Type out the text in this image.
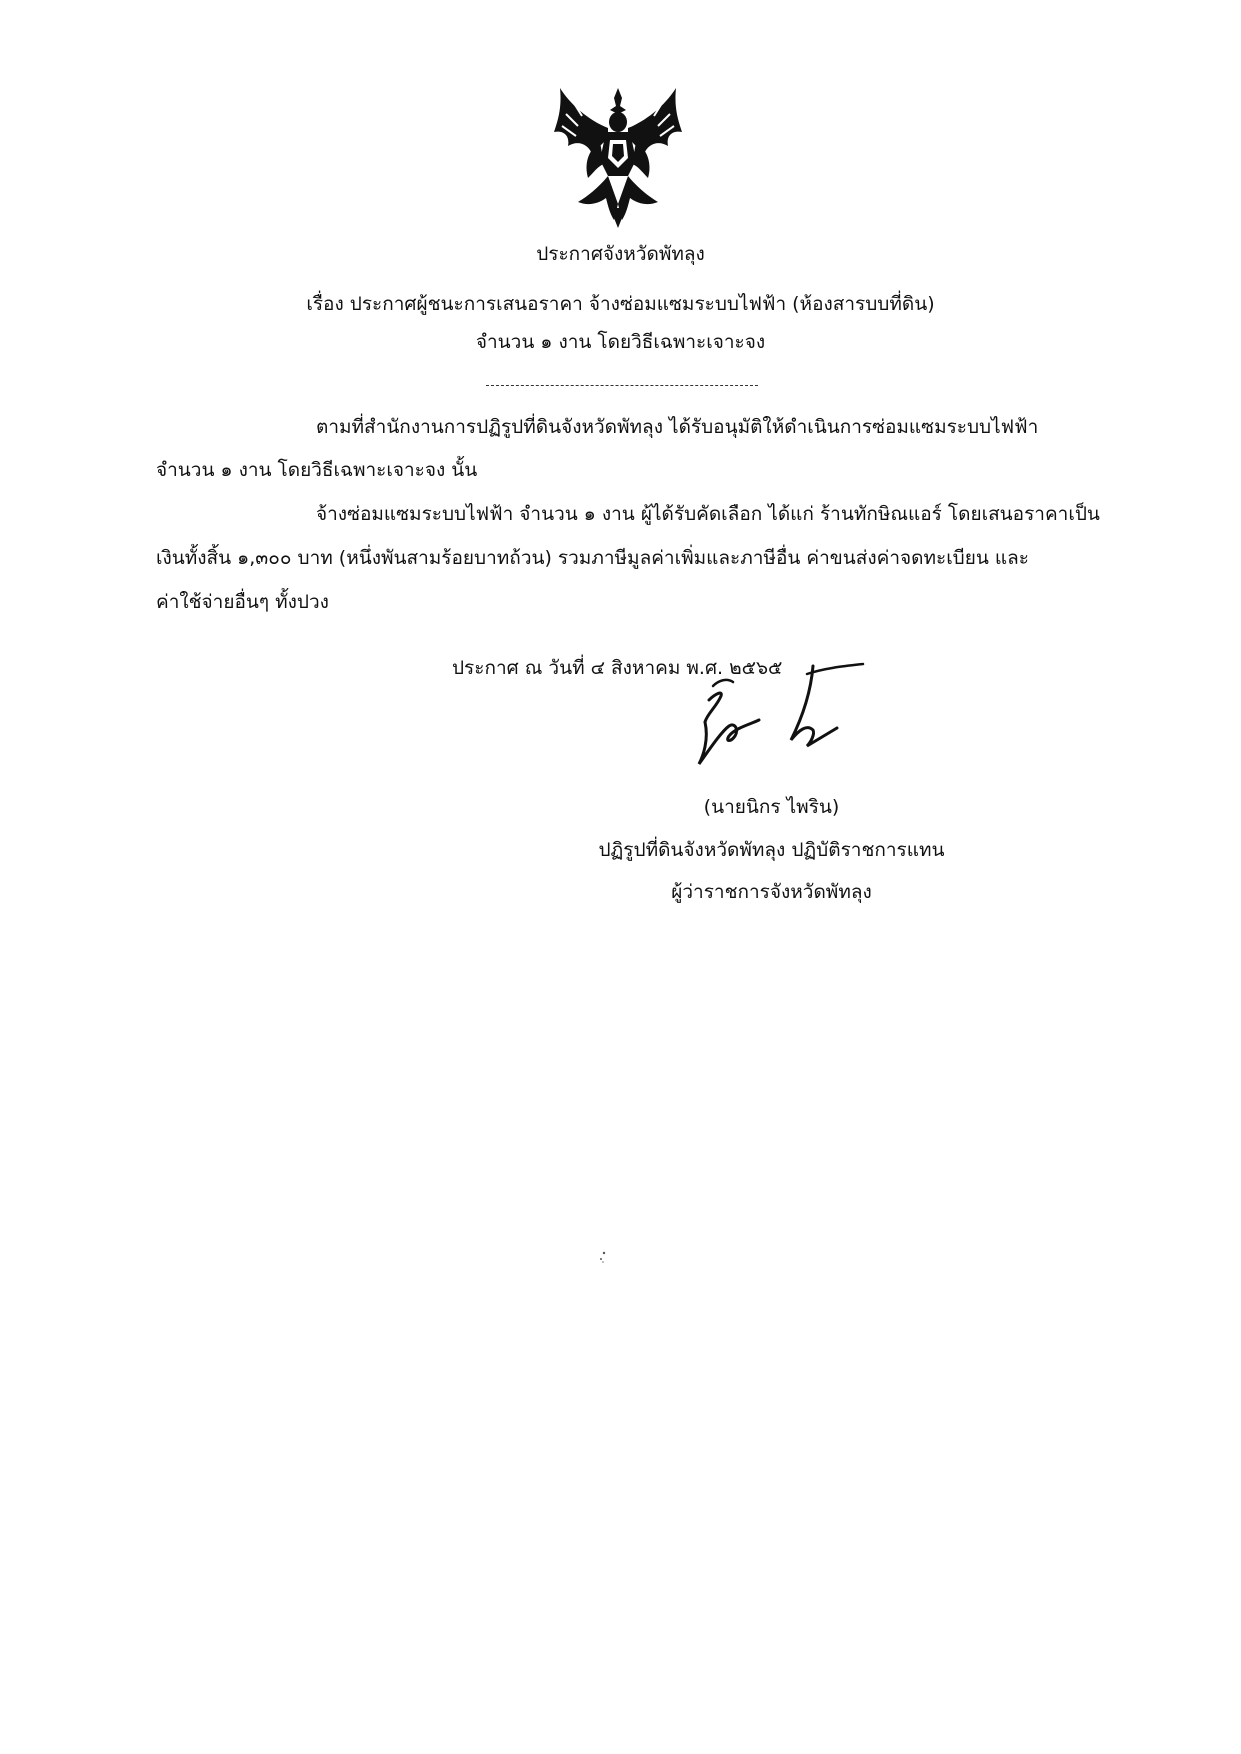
ประกาศจังหวัดพัทลุง
เรื่อง ประกาศผู้ชนะการเสนอราคา จ้างซ่อมแซมระบบไฟฟ้า (ห้องสารบบที่ดิน)
จำนวน ๑ งาน โดยวิธีเฉพาะเจาะจง
ตามที่สำนักงานการปฏิรูปที่ดินจังหวัดพัทลุง ได้รับอนุมัติให้ดำเนินการซ่อมแซมระบบไฟฟ้า
จำนวน ๑ งาน โดยวิธีเฉพาะเจาะจง นั้น
จ้างซ่อมแซมระบบไฟฟ้า จำนวน ๑ งาน ผู้ได้รับคัดเลือก ได้แก่ ร้านทักษิณแอร์ โดยเสนอราคาเป็น
เงินทั้งสิ้น ๑,๓๐๐ บาท (หนึ่งพันสามร้อยบาทถ้วน) รวมภาษีมูลค่าเพิ่มและภาษีอื่น ค่าขนส่งค่าจดทะเบียน และ
ค่าใช้จ่ายอื่นๆ ทั้งปวง
ประกาศ ณ วันที่ ๔ สิงหาคม พ.ศ. ๒๕๖๕
(นายนิกร ไพริน)
ปฏิรูปที่ดินจังหวัดพัทลุง ปฏิบัติราชการแทน
ผู้ว่าราชการจังหวัดพัทลุง
